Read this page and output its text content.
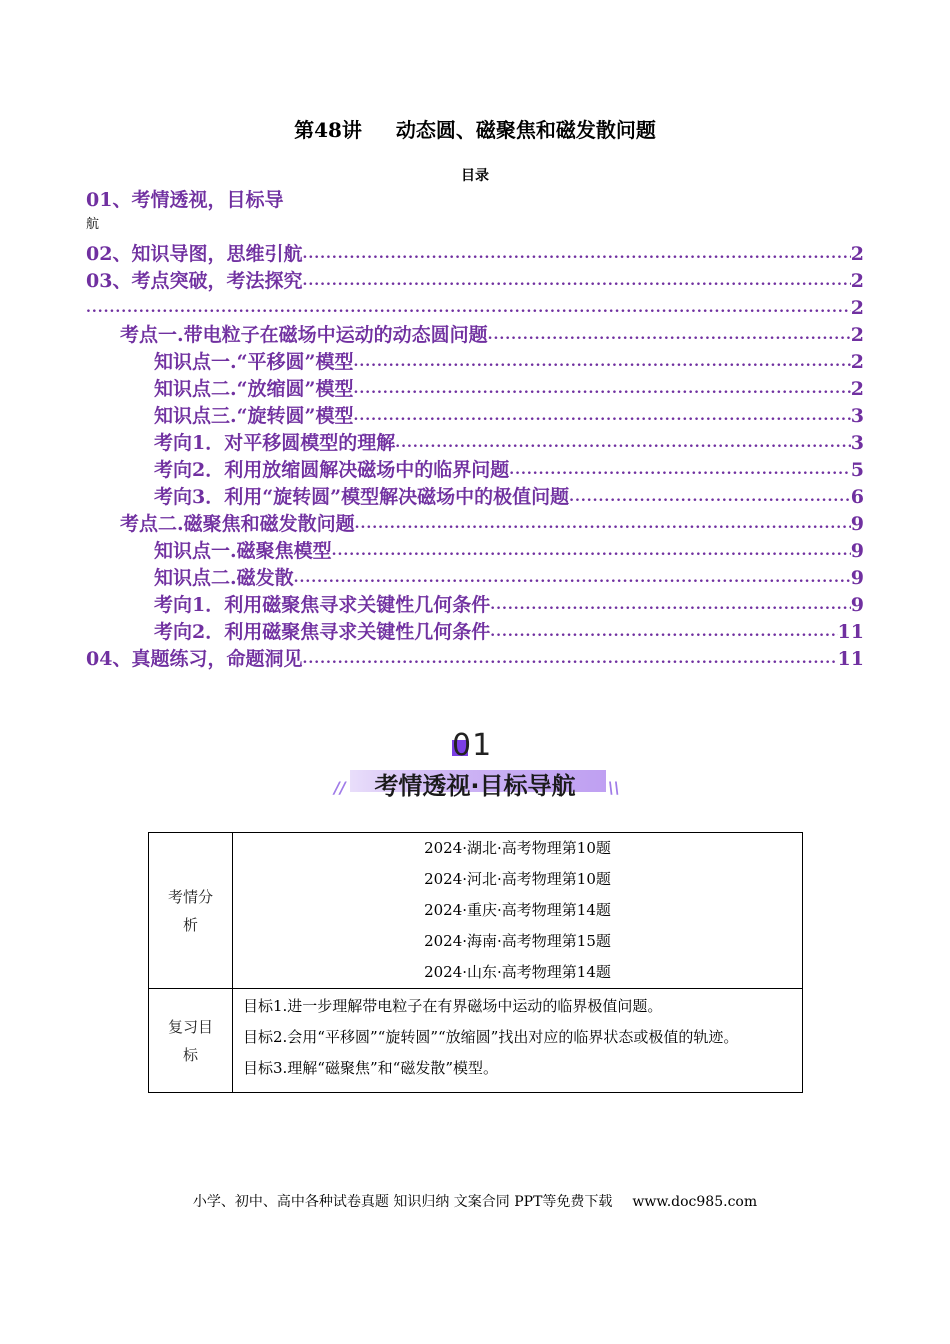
第48讲 动态圆、磁聚焦和磁发散问题
目录
01、考情透视，目标导
02、知识导图，思维引航 .....	2
03、考点突破，考法探究 .....	2
.....
2
考点一.带电粒子在磁场中运动的动态圆问题 .....	2
知识点一.“平移圆”模型 .....	2
知识点二.“放缩圆”模型 .....	2
知识点三.“旋转圆”模型 .....	3
考向1．对平移圆模型的理解 .....	3
考向2．利用放缩圆解决磁场中的临界问题 .....	5
考向3．利用“旋转圆”模型解决磁场中的极值问题 .....	6
考点二.磁聚焦和磁发散问题 .....	9
知识点一.磁聚焦模型 .....	9
知识点二.磁发散 .....	9
考向1．利用磁聚焦寻求关键性几何条件 .....	9
考向2．利用磁聚焦寻求关键性几何条件 .....	11
04、真题练习，命题洞见 .....	11
航
01
//	考情透视·目标导航	\\
考情分析	2024·湖北·高考物理第10题
2024·河北·高考物理第10题
2024·重庆·高考物理第14题
2024·海南·高考物理第15题
2024·山东·高考物理第14题

复习目标	目标1.进一步理解带电粒子在有界磁场中运动的临界极值问题。
目标2.会用“平移圆”“旋转圆”“放缩圆”找出对应的临界状态或极值的轨迹。
目标3.理解“磁聚焦”和“磁发散”模型。
小学、初中、高中各种试卷真题 知识归纳 文案合同 PPT等免费下载 www.doc985.com
